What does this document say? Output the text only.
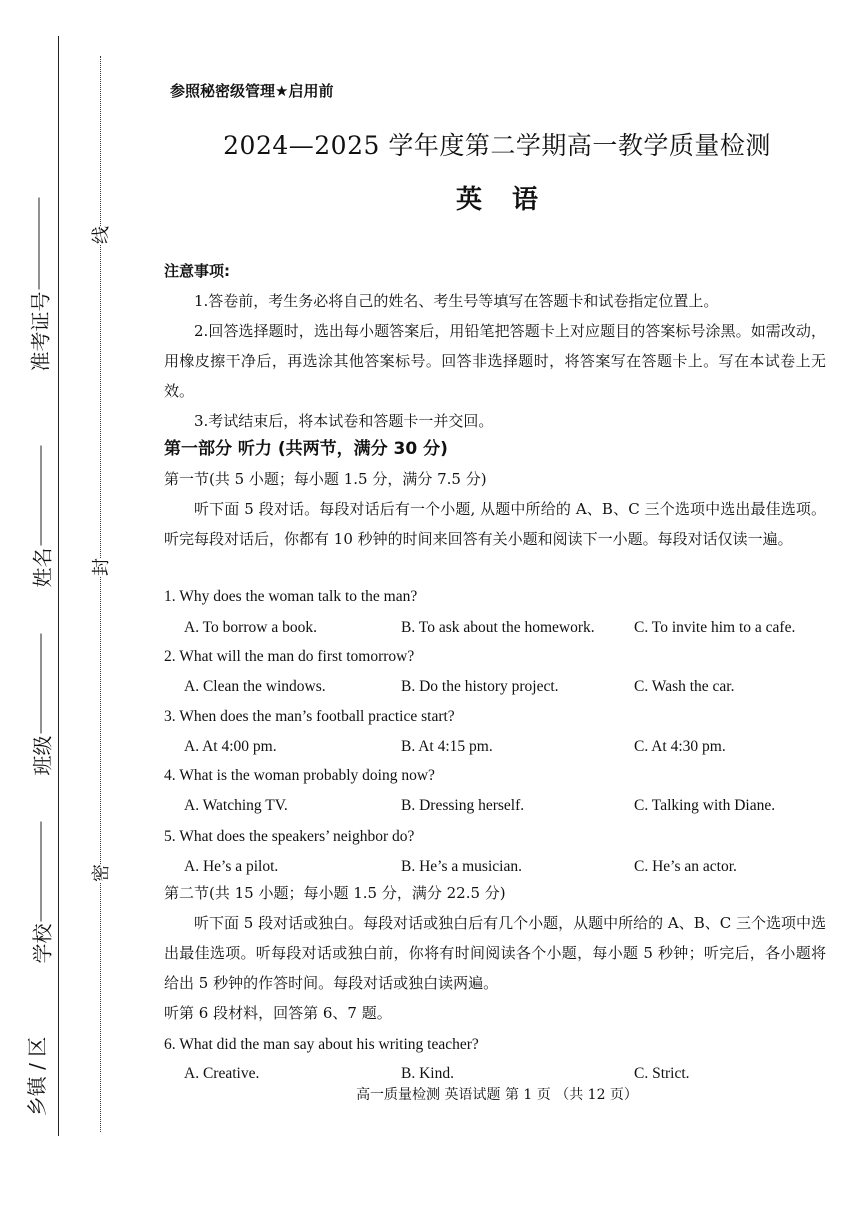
准考证号
姓名
班级
学校
乡镇 / 区
线
封
密
参照秘密级管理★启用前
2024—2025 学年度第二学期高一教学质量检测
英语
注意事项:
1.答卷前，考生务必将自己的姓名、考生号等填写在答题卡和试卷指定位置上。
2.回答选择题时，选出每小题答案后，用铅笔把答题卡上对应题目的答案标号涂黑。如需改动，用橡皮擦干净后，再选涂其他答案标号。回答非选择题时，将答案写在答题卡上。写在本试卷上无效。
3.考试结束后，将本试卷和答题卡一并交回。
第一部分 听力 (共两节，满分 30 分)
第一节(共 5 小题；每小题 1.5 分，满分 7.5 分)
听下面 5 段对话。每段对话后有一个小题, 从题中所给的 A、B、C 三个选项中选出最佳选项。听完每段对话后，你都有 10 秒钟的时间来回答有关小题和阅读下一小题。每段对话仅读一遍。
1. Why does the woman talk to the man?
A. To borrow a book.	B. To ask about the homework.	C. To invite him to a cafe.
2. What will the man do first tomorrow?
A. Clean the windows.	B. Do the history project.	C. Wash the car.
3. When does the man’s football practice start?
A. At 4:00 pm.	B. At 4:15 pm.	C. At 4:30 pm.
4. What is the woman probably doing now?
A. Watching TV.	B. Dressing herself.	C. Talking with Diane.
5. What does the speakers’ neighbor do?
A. He’s a pilot.	B. He’s a musician.	C. He’s an actor.
第二节(共 15 小题；每小题 1.5 分，满分 22.5 分)
听下面 5 段对话或独白。每段对话或独白后有几个小题，从题中所给的 A、B、C 三个选项中选出最佳选项。听每段对话或独白前，你将有时间阅读各个小题，每小题 5 秒钟；听完后，各小题将给出 5 秒钟的作答时间。每段对话或独白读两遍。
听第 6 段材料，回答第 6、7 题。
6. What did the man say about his writing teacher?
A. Creative.	B. Kind.	C. Strict.
高一质量检测 英语试题 第 1 页 （共 12 页）
